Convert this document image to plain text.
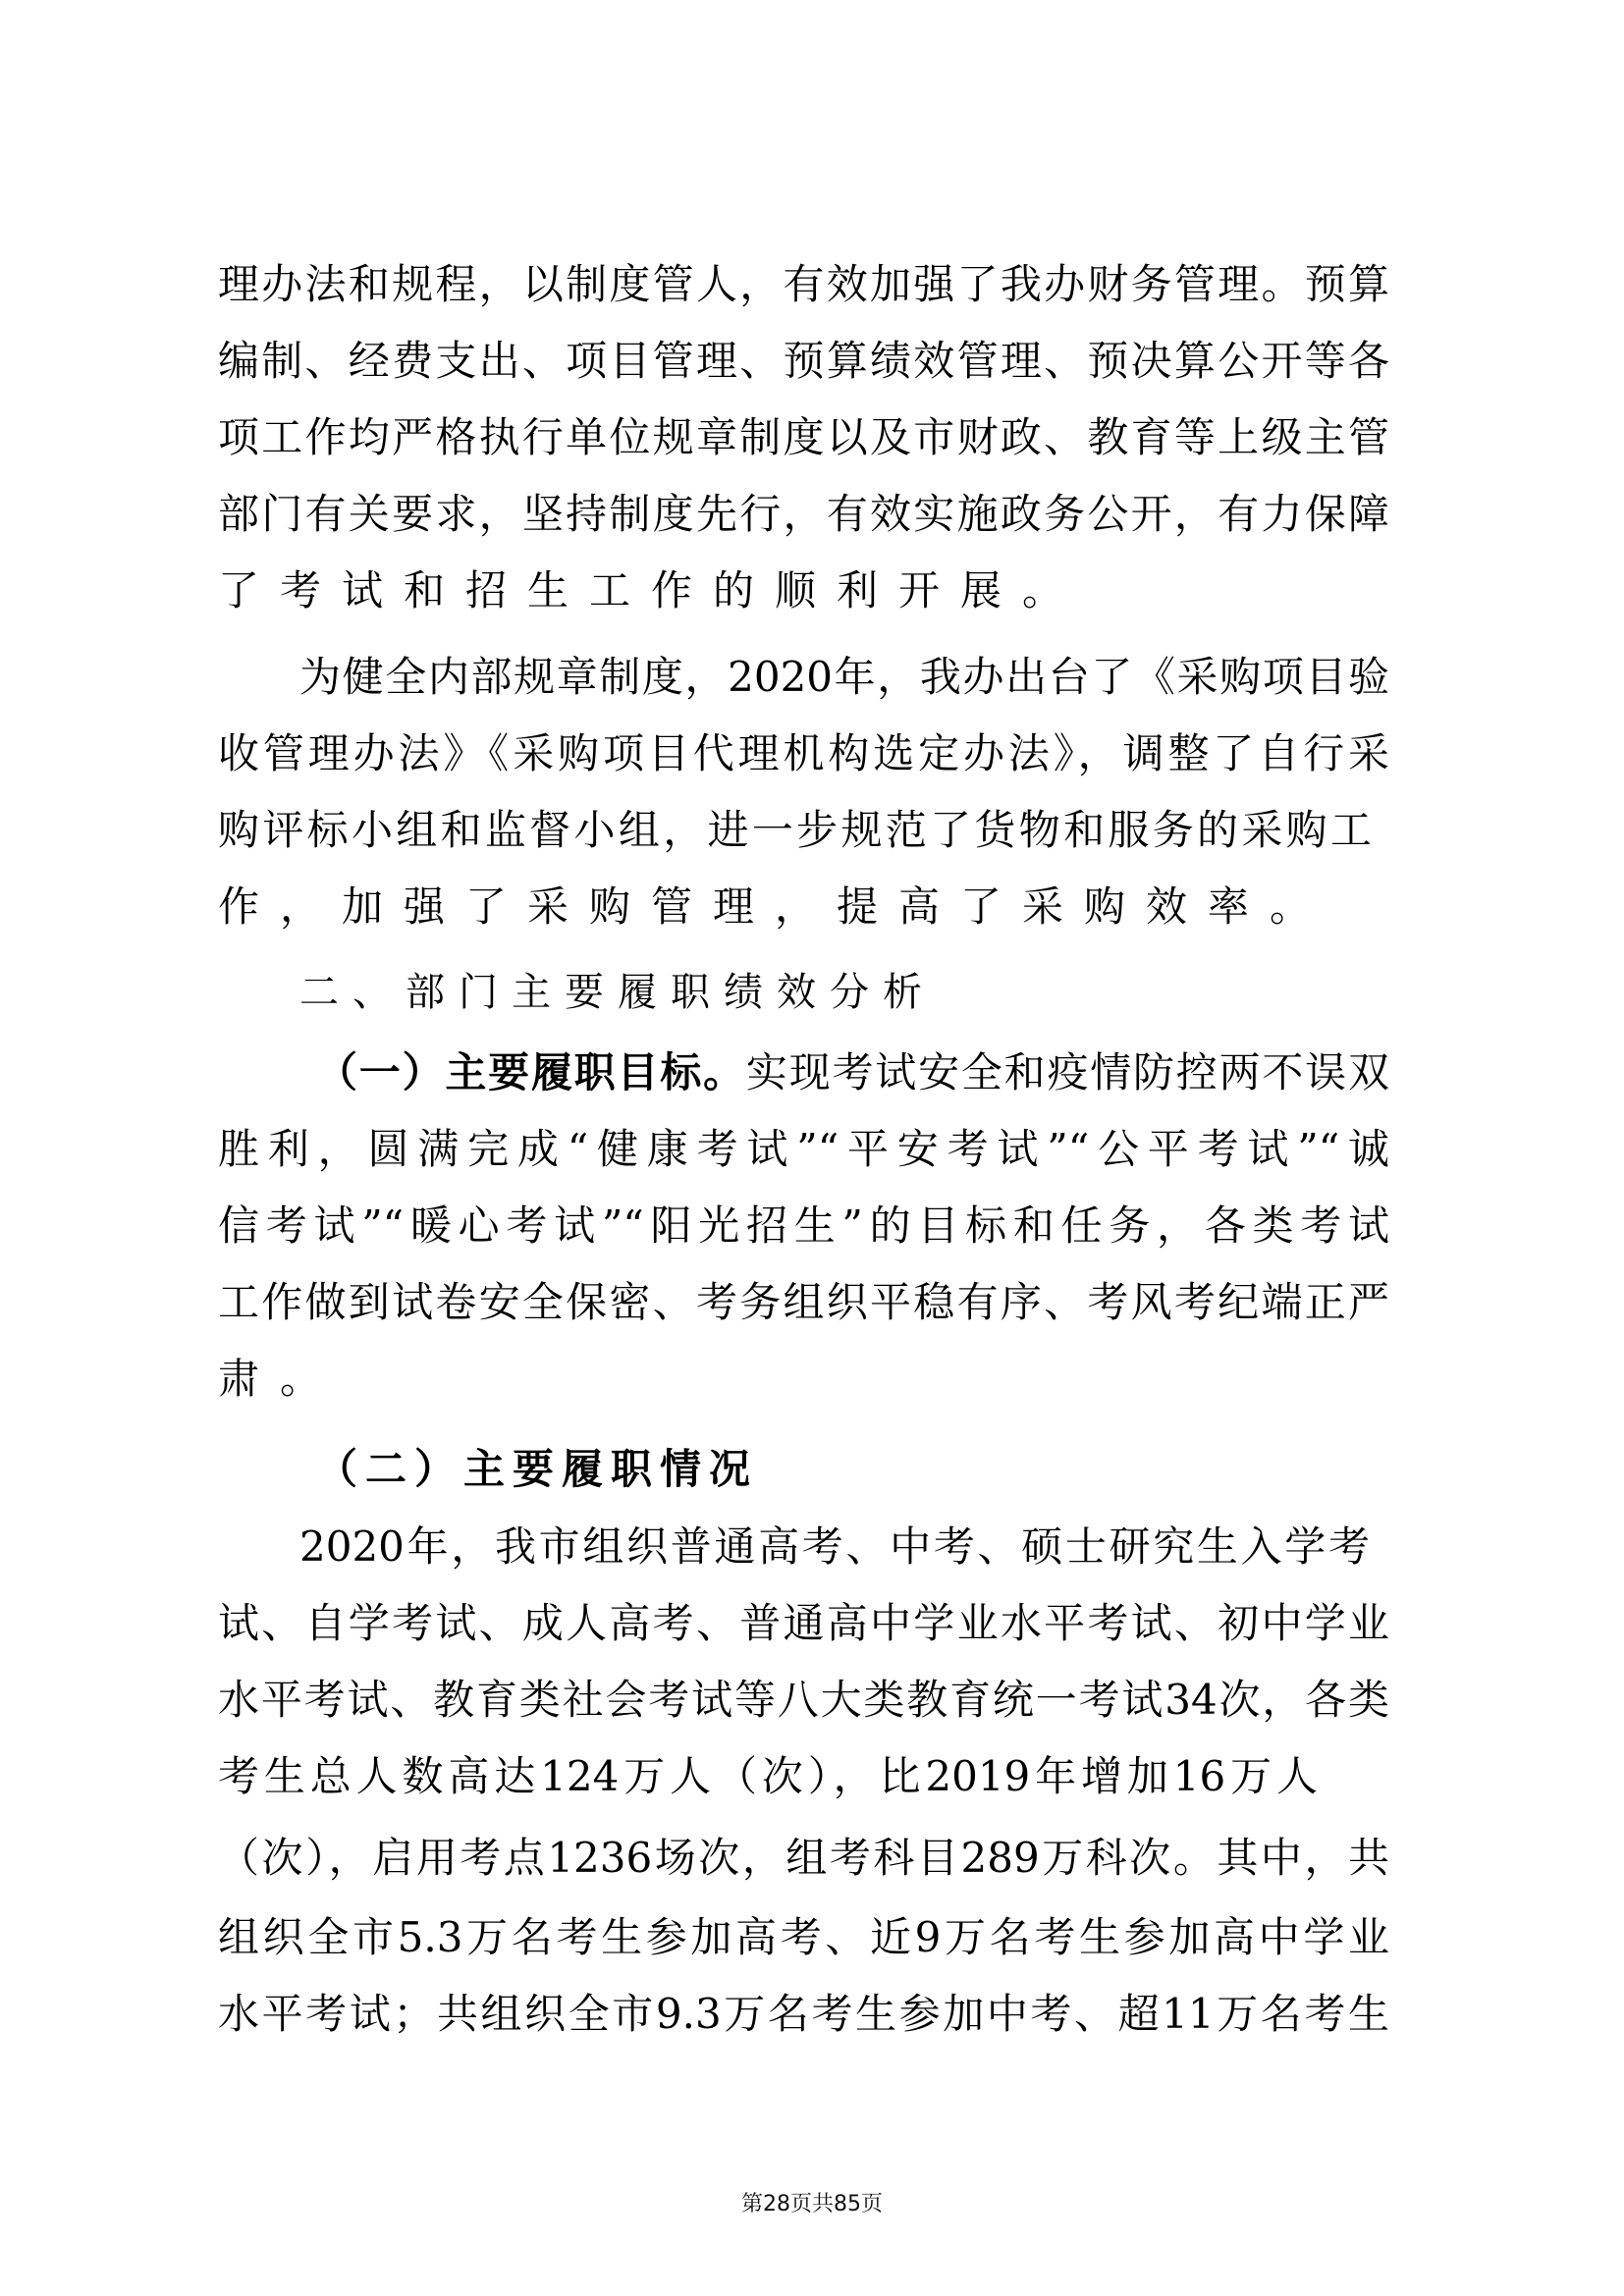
理办法和规程，以制度管人，有效加强了我办财务管理。预算
编制、经费支出、项目管理、预算绩效管理、预决算公开等各
项工作均严格执行单位规章制度以及市财政、教育等上级主管
部门有关要求，坚持制度先行，有效实施政务公开，有力保障
了考试和招生工作的顺利开展。
为健全内部规章制度，2020年，我办出台了《采购项目验
收管理办法》《采购项目代理机构选定办法》，调整了自行采
购评标小组和监督小组，进一步规范了货物和服务的采购工
作，加强了采购管理，提高了采购效率。
二、部门主要履职绩效分析
（一）主要履职目标。实现考试安全和疫情防控两不误双
胜利，圆满完成“健康考试”“平安考试”“公平考试”“诚
信考试”“暖心考试”“阳光招生”的目标和任务，各类考试
工作做到试卷安全保密、考务组织平稳有序、考风考纪端正严
肃。
（二）主要履职情况
2020年，我市组织普通高考、中考、硕士研究生入学考
试、自学考试、成人高考、普通高中学业水平考试、初中学业
水平考试、教育类社会考试等八大类教育统一考试34次，各类
考生总人数高达124万人（次），比2019年增加16万人
（次），启用考点1236场次，组考科目289万科次。其中，共
组织全市5.3万名考生参加高考、近9万名考生参加高中学业
水平考试；共组织全市9.3万名考生参加中考、超11万名考生
第28页共85页
